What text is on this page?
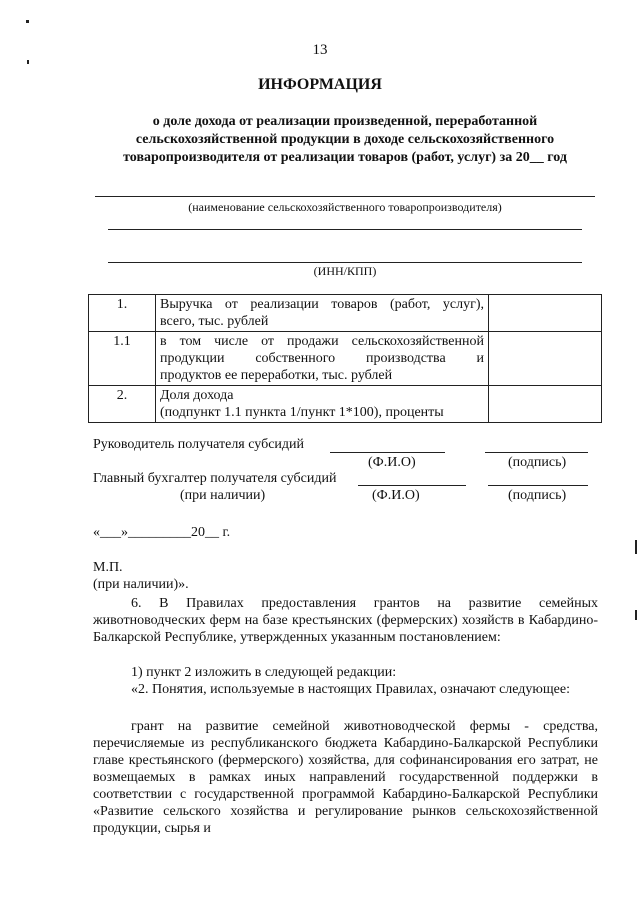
13
ИНФОРМАЦИЯ
о доле дохода от реализации произведенной, переработанной
сельскохозяйственной продукции в доходе сельскохозяйственного
товаропроизводителя от реализации товаров (работ, услуг) за 20__ год
(наименование сельскохозяйственного товаропроизводителя)
(ИНН/КПП)
1.	Выручка от реализации товаров (работ, услуг),
всего, тыс. рублей	

1.1	в том числе от продажи сельскохозяйственной
продукции собственного производства и
продуктов ее переработки, тыс. рублей	

2.	Доля дохода
(подпункт 1.1 пункта 1/пункт 1*100), проценты	

Руководитель получателя субсидий
(Ф.И.О)	(подпись)
Главный бухгалтер получателя субсидий
(при наличии)	(Ф.И.О)	(подпись)
«___»_________20__ г.
М.П.
(при наличии)».
6. В Правилах предоставления грантов на развитие семейных животноводческих ферм на базе крестьянских (фермерских) хозяйств в Кабардино-Балкарской Республике, утвержденных указанным постановлением:
1) пункт 2 изложить в следующей редакции:
«2. Понятия, используемые в настоящих Правилах, означают следующее:
грант на развитие семейной животноводческой фермы - средства, перечисляемые из республиканского бюджета Кабардино-Балкарской Республики главе крестьянского (фермерского) хозяйства, для софинансирования его затрат, не возмещаемых в рамках иных направлений государственной поддержки в соответствии с государственной программой Кабардино-Балкарской Республики «Развитие сельского хозяйства и регулирование рынков сельскохозяйственной продукции, сырья и
